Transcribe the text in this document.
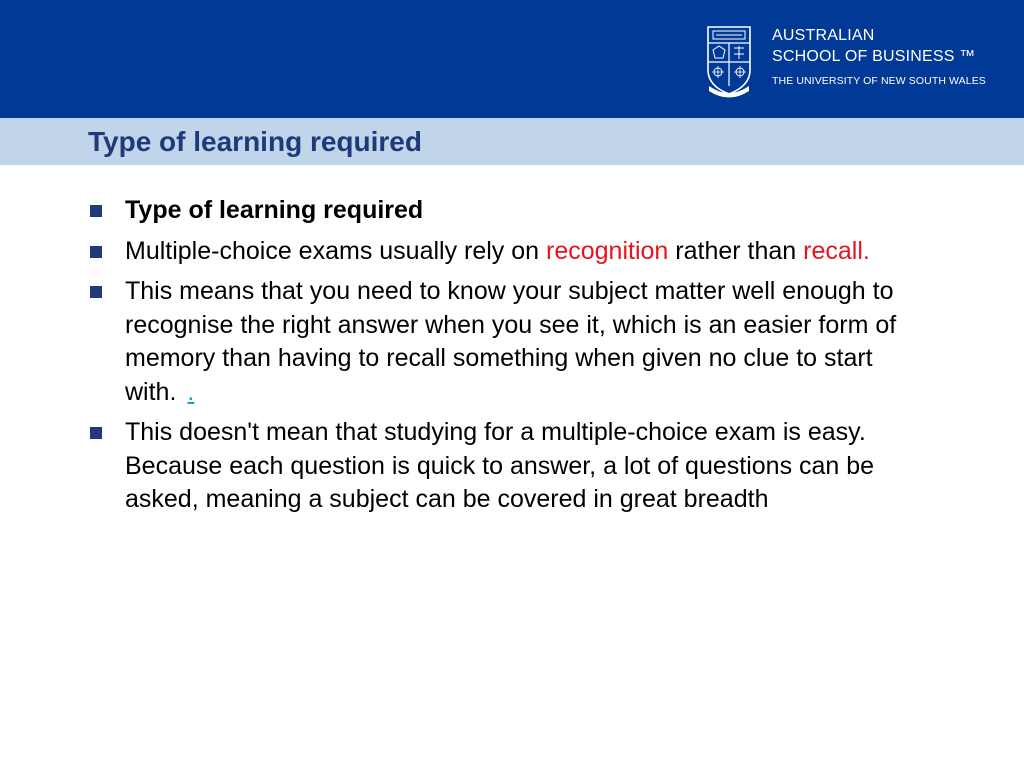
AUSTRALIAN
SCHOOL OF BUSINESS ™
THE UNIVERSITY OF NEW SOUTH WALES
Type of learning required
Type of learning required
Multiple-choice exams usually rely on recognition rather than recall.
This means that you need to know your subject matter well enough to recognise the right answer when you see it, which is an easier form of memory than having to recall something when given no clue to start with. .
This doesn't mean that studying for a multiple-choice exam is easy. Because each question is quick to answer, a lot of questions can be asked, meaning a subject can be covered in great breadth
